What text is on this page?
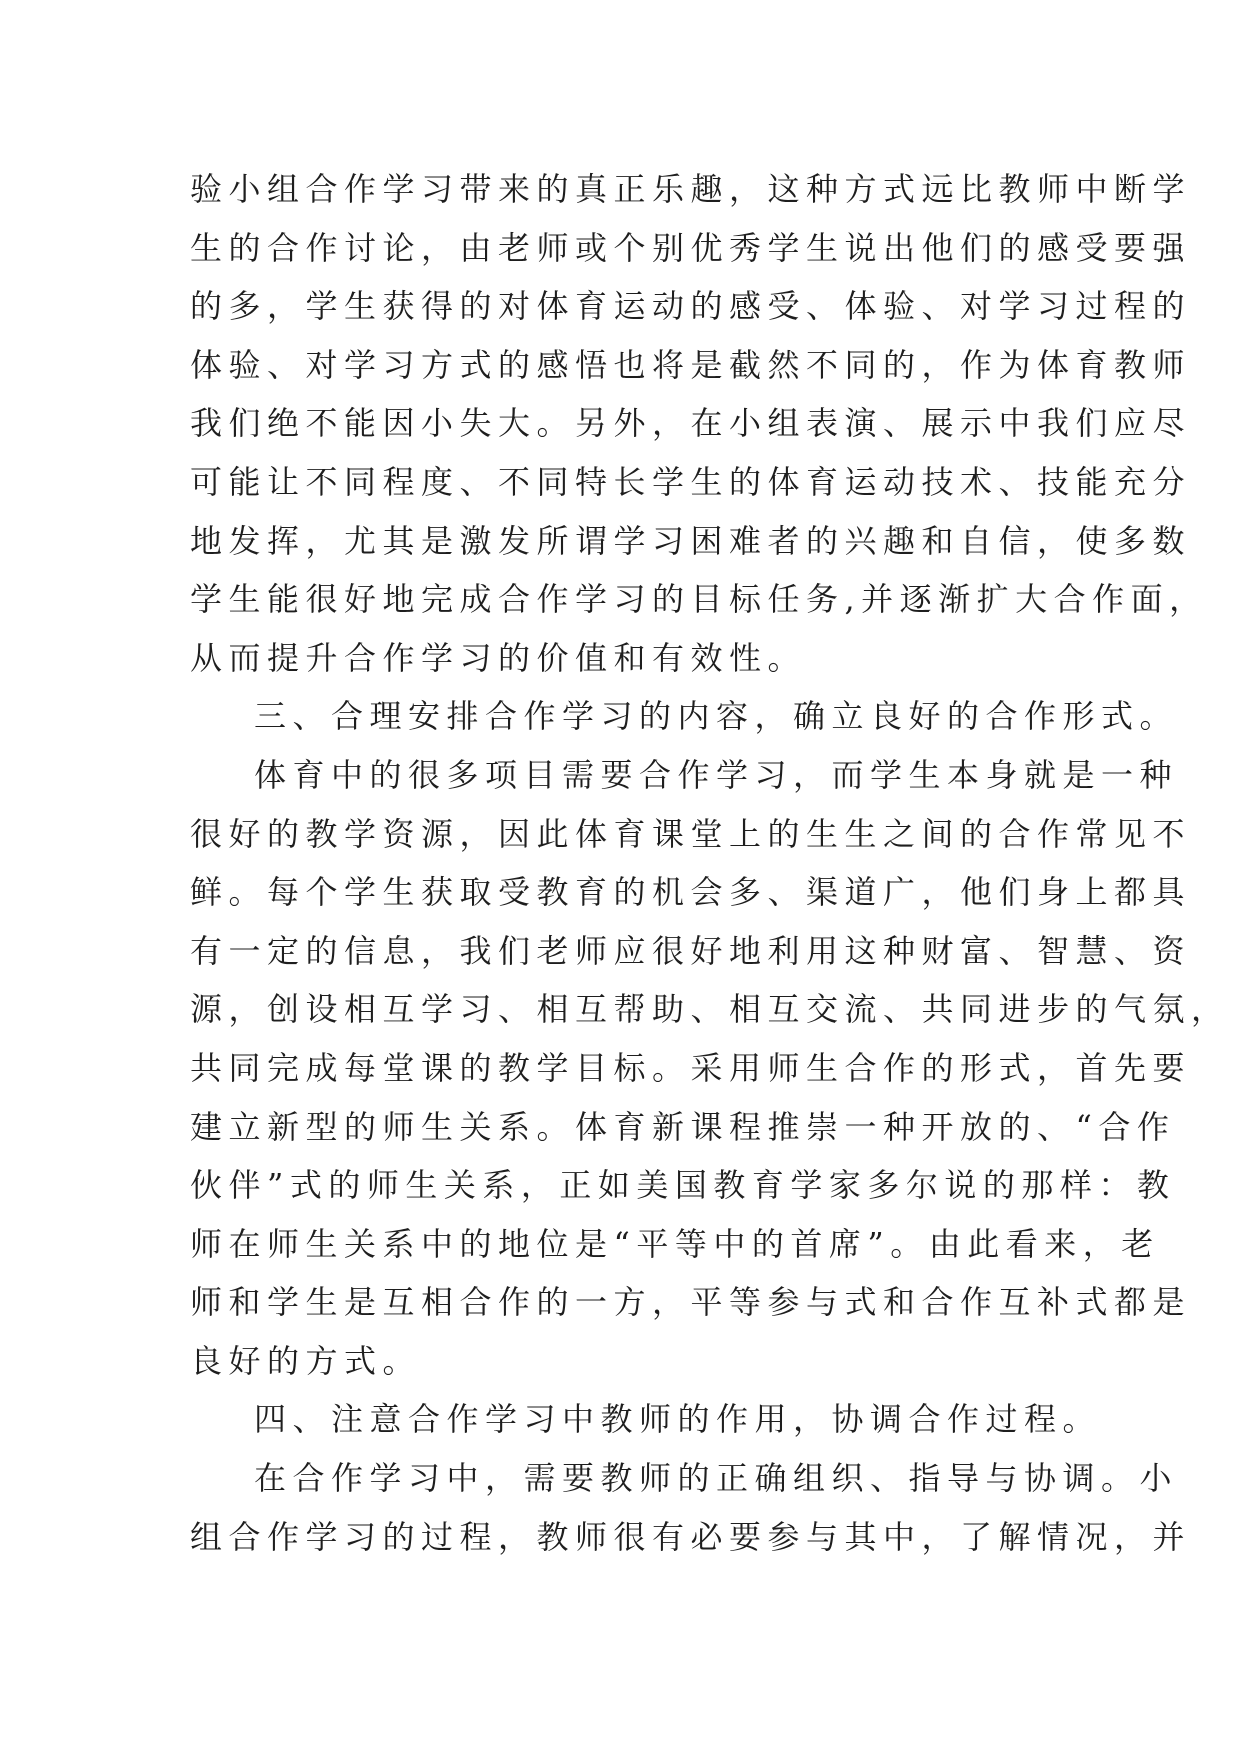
验小组合作学习带来的真正乐趣，这种方式远比教师中断学
生的合作讨论，由老师或个别优秀学生说出他们的感受要强
的多，学生获得的对体育运动的感受、体验、对学习过程的
体验、对学习方式的感悟也将是截然不同的，作为体育教师
我们绝不能因小失大。另外，在小组表演、展示中我们应尽
可能让不同程度、不同特长学生的体育运动技术、技能充分
地发挥，尤其是激发所谓学习困难者的兴趣和自信，使多数
学生能很好地完成合作学习的目标任务,并逐渐扩大合作面，
从而提升合作学习的价值和有效性。
三、合理安排合作学习的内容，确立良好的合作形式。
体育中的很多项目需要合作学习，而学生本身就是一种
很好的教学资源，因此体育课堂上的生生之间的合作常见不
鲜。每个学生获取受教育的机会多、渠道广，他们身上都具
有一定的信息，我们老师应很好地利用这种财富、智慧、资
源，创设相互学习、相互帮助、相互交流、共同进步的气氛，
共同完成每堂课的教学目标。采用师生合作的形式，首先要
建立新型的师生关系。体育新课程推崇一种开放的、“合作
伙伴”式的师生关系，正如美国教育学家多尔说的那样：教
师在师生关系中的地位是“平等中的首席”。由此看来，老
师和学生是互相合作的一方，平等参与式和合作互补式都是
良好的方式。
四、注意合作学习中教师的作用，协调合作过程。
在合作学习中，需要教师的正确组织、指导与协调。小
组合作学习的过程，教师很有必要参与其中，了解情况，并
